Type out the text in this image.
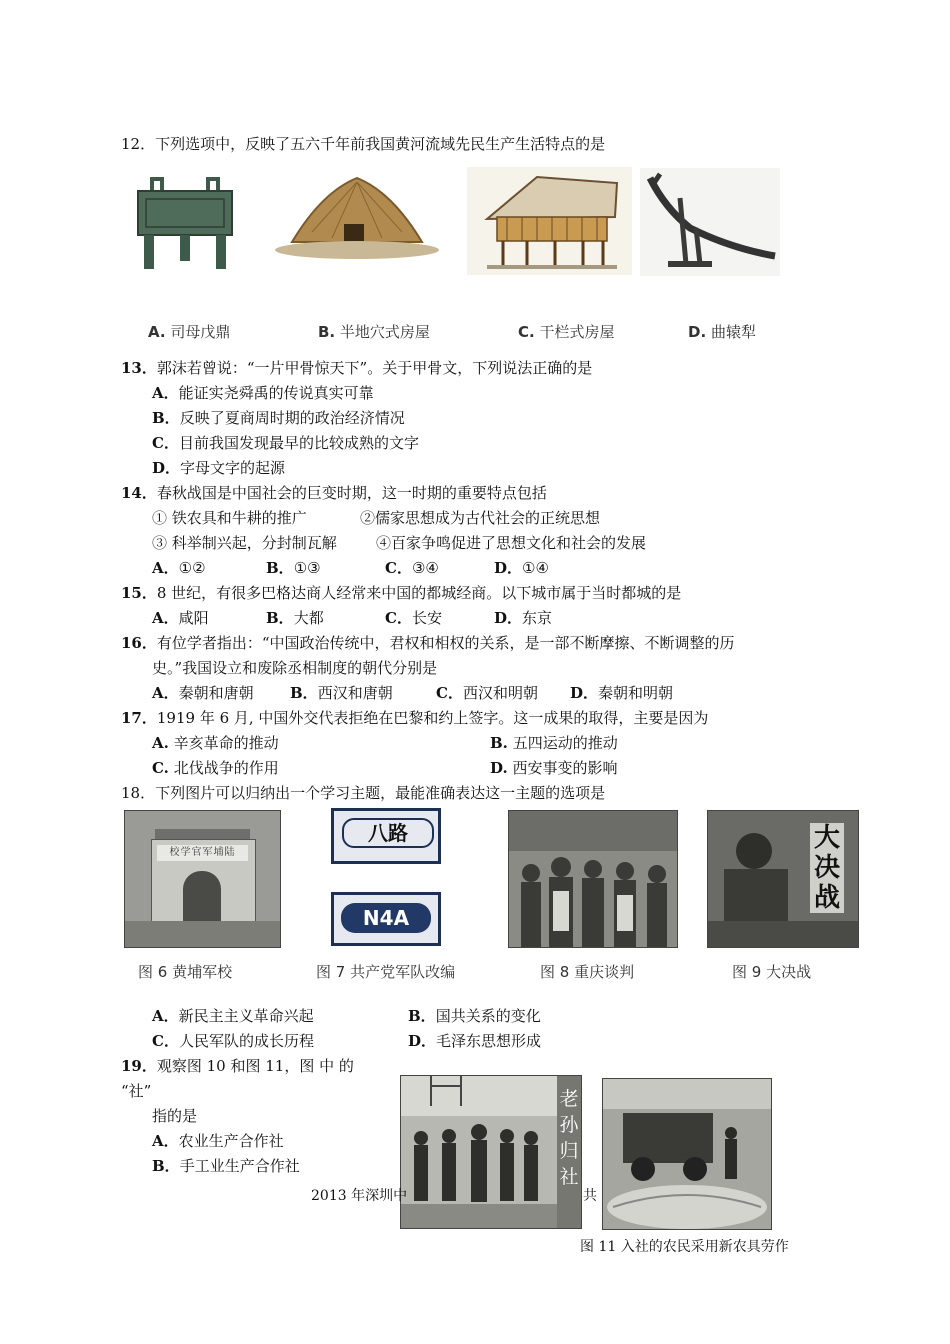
12．下列选项中，反映了五六千年前我国黄河流域先民生产生活特点的是
A. 司母戊鼎	B. 半地穴式房屋	C. 干栏式房屋	D. 曲辕犁
13．郭沫若曾说：“一片甲骨惊天下”。关于甲骨文，下列说法正确的是
A．能证实尧舜禹的传说真实可靠
B．反映了夏商周时期的政治经济情况
C．目前我国发现最早的比较成熟的文字
D．字母文字的起源
14．春秋战国是中国社会的巨变时期，这一时期的重要特点包括
① 铁农具和牛耕的推广	②儒家思想成为古代社会的正统思想
③ 科举制兴起，分封制瓦解	④百家争鸣促进了思想文化和社会的发展
A．①②	B．①③	C．③④	D．①④
15．8 世纪，有很多巴格达商人经常来中国的都城经商。以下城市属于当时都城的是
A．咸阳	B．大都	C．长安	D．东京
16．有位学者指出：“中国政治传统中，君权和相权的关系，是一部不断摩擦、不断调整的历
史。”我国设立和废除丞相制度的朝代分别是
A．秦朝和唐朝 B．西汉和唐朝	C．西汉和明朝 D．秦朝和明朝
17．1919 年 6 月, 中国外交代表拒绝在巴黎和约上签字。这一成果的取得，主要是因为
A. 辛亥革命的推动	B. 五四运动的推动
C. 北伐战争的作用	D. 西安事变的影响
18．下列图片可以归纳出一个学习主题，最能准确表达这一主题的选项是
校学官军埔陆
八路
N4A
大
决
战
图 6 黄埔军校	图 7 共产党军队改编	图 8 重庆谈判	图 9 大决战
A．新民主主义革命兴起	B．国共关系的变化
C．人民军队的成长历程	D．毛泽东思想形成
19．观察图 10 和图 11，图 中 的
“社”
指的是
A．农业生产合作社
B．手工业生产合作社
老
孙
归
社
图 11 入社的农民采用新农具劳作
2013 年深圳中	共
